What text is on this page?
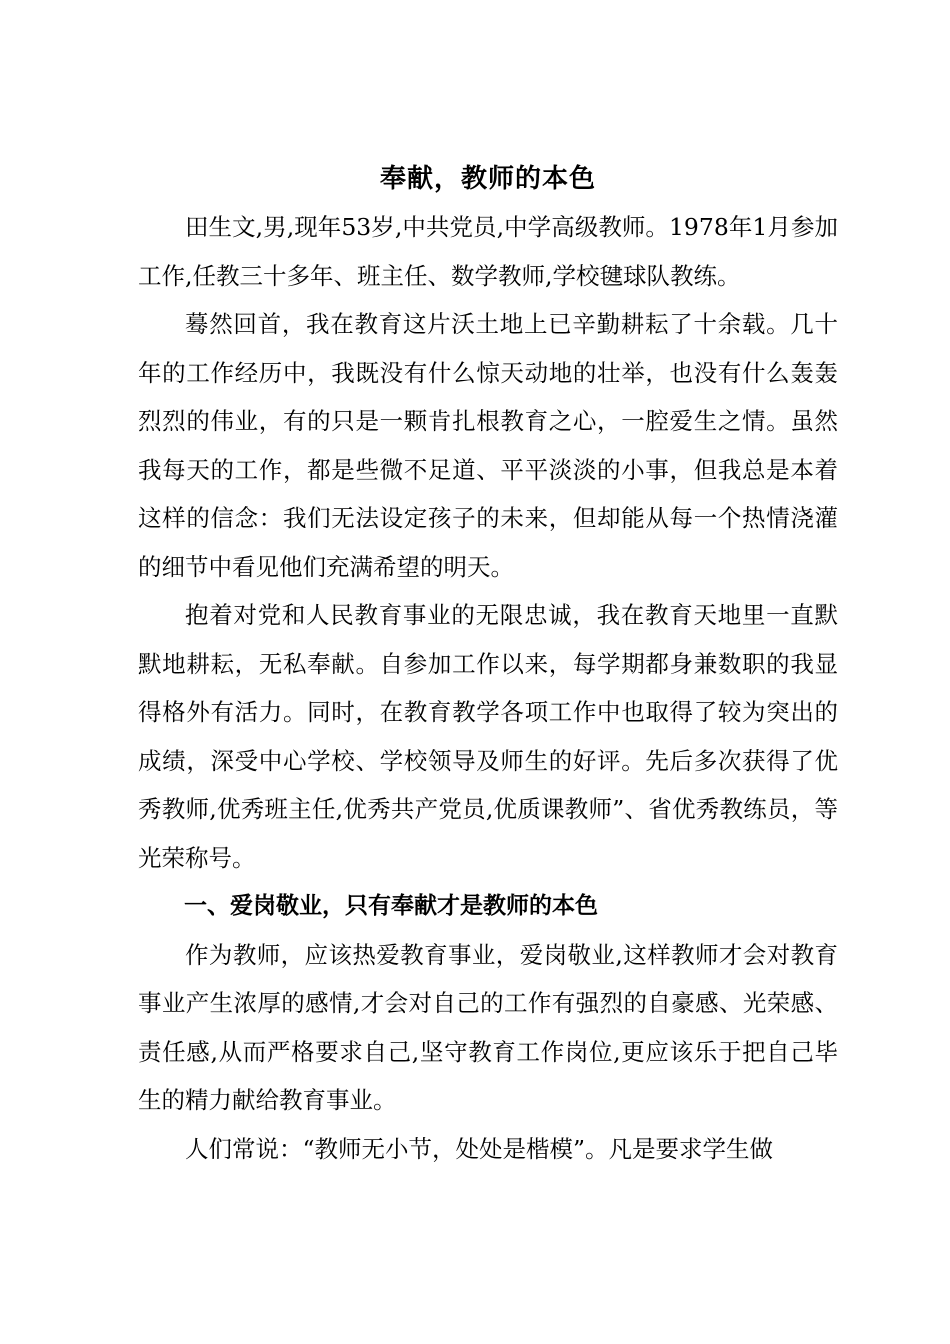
奉献，教师的本色

田生文,男,现年53岁,中共党员,中学高级教师。1978年1月参加工作,任教三十多年、班主任、数学教师,学校毽球队教练。

蓦然回首，我在教育这片沃土地上已辛勤耕耘了十余载。几十年的工作经历中，我既没有什么惊天动地的壮举，也没有什么轰轰烈烈的伟业，有的只是一颗肯扎根教育之心，一腔爱生之情。虽然我每天的工作，都是些微不足道、平平淡淡的小事，但我总是本着这样的信念：我们无法设定孩子的未来，但却能从每一个热情浇灌的细节中看见他们充满希望的明天。

抱着对党和人民教育事业的无限忠诚，我在教育天地里一直默默地耕耘，无私奉献。自参加工作以来，每学期都身兼数职的我显得格外有活力。同时，在教育教学各项工作中也取得了较为突出的成绩，深受中心学校、学校领导及师生的好评。先后多次获得了优秀教师,优秀班主任,优秀共产党员,优质课教师”、省优秀教练员，等光荣称号。

一、爱岗敬业，只有奉献才是教师的本色

作为教师，应该热爱教育事业，爱岗敬业,这样教师才会对教育事业产生浓厚的感情,才会对自己的工作有强烈的自豪感、光荣感、责任感,从而严格要求自己,坚守教育工作岗位,更应该乐于把自己毕生的精力献给教育事业。

人们常说：“教师无小节，处处是楷模”。凡是要求学生做
